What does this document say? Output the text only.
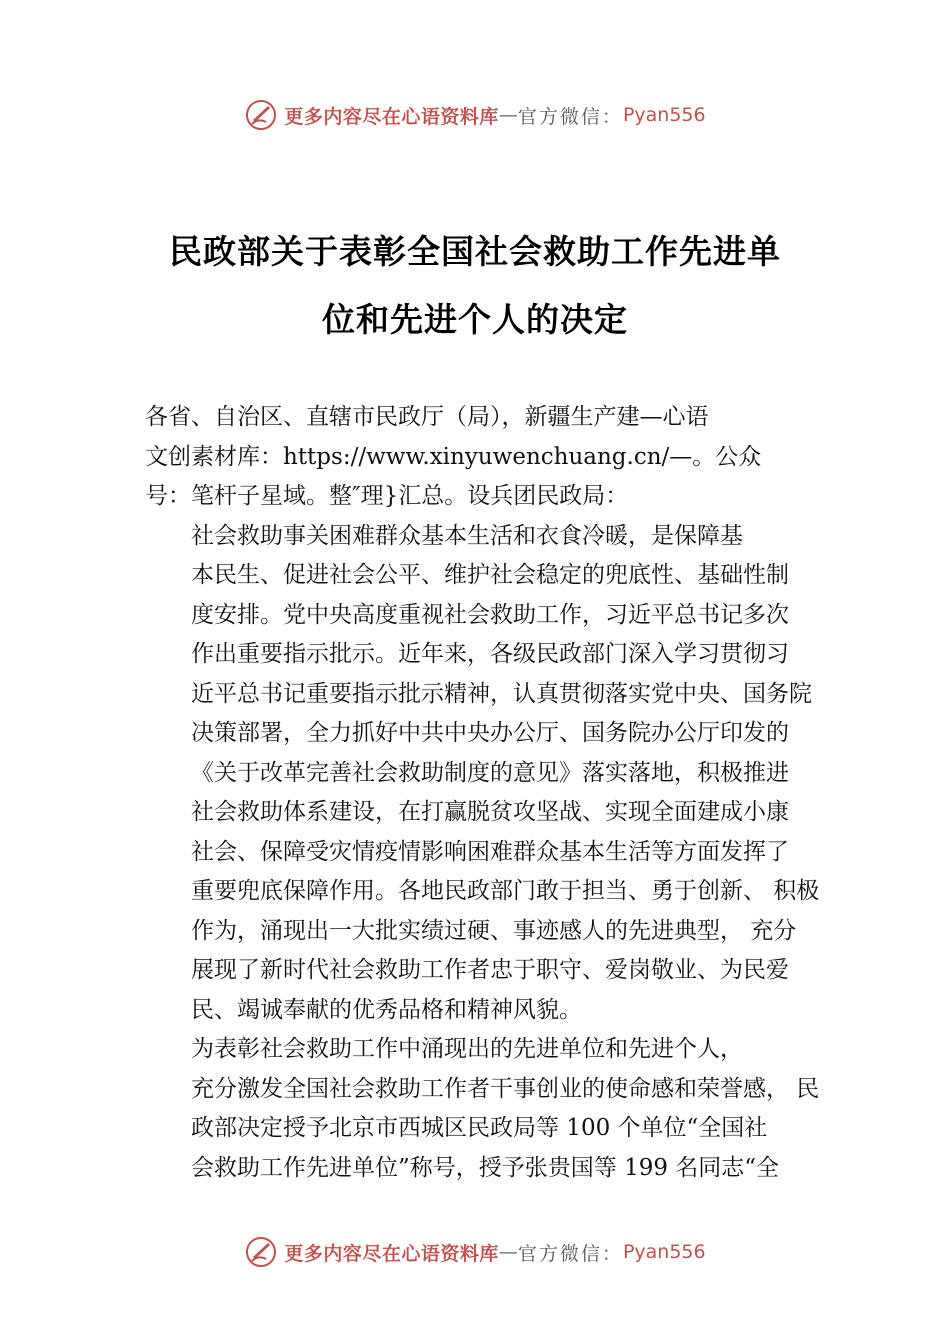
更多内容尽在心语资料库 — 官方微信： Pyan556
民政部关于表彰全国社会救助工作先进单
位和先进个人的决定

各省、自治区、直辖市民政厅（局），新疆生产建—心语
文创素材库：https://www.xinyuwenchuang.cn/—。公众
号：笔杆子星域。整″理}汇总。设兵团民政局：

社会救助事关困难群众基本生活和衣食冷暖，是保障基
本民生、促进社会公平、维护社会稳定的兜底性、基础性制
度安排。党中央高度重视社会救助工作，习近平总书记多次
作出重要指示批示。近年来，各级民政部门深入学习贯彻习
近平总书记重要指示批示精神，认真贯彻落实党中央、国务院
决策部署，全力抓好中共中央办公厅、国务院办公厅印发的
《关于改革完善社会救助制度的意见》落实落地，积极推进
社会救助体系建设，在打赢脱贫攻坚战、实现全面建成小康
社会、保障受灾情疫情影响困难群众基本生活等方面发挥了
重要兜底保障作用。各地民政部门敢于担当、勇于创新、 积极
作为，涌现出一大批实绩过硬、事迹感人的先进典型， 充分
展现了新时代社会救助工作者忠于职守、爱岗敬业、为民爱
民、竭诚奉献的优秀品格和精神风貌。

为表彰社会救助工作中涌现出的先进单位和先进个人，
充分激发全国社会救助工作者干事创业的使命感和荣誉感， 民
政部决定授予北京市西城区民政局等 100 个单位“全国社
会救助工作先进单位”称号，授予张贵国等 199 名同志“全

更多内容尽在心语资料库 — 官方微信： Pyan556
